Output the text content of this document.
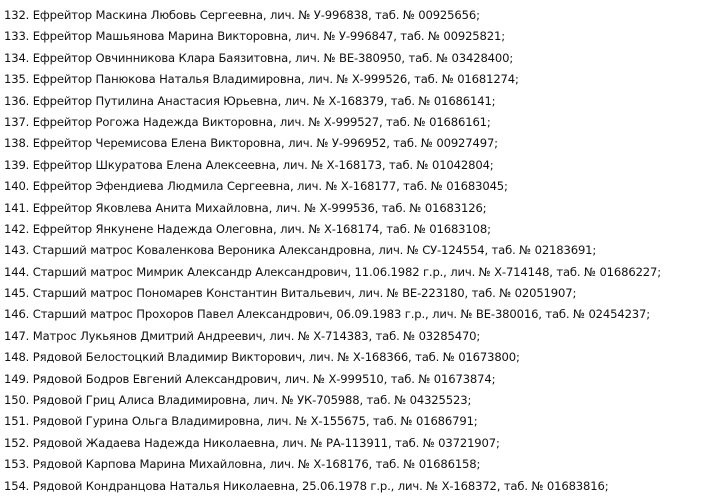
132. Ефрейтор Маскина Любовь Сергеевна, лич. № У-996838, таб. № 00925656;
133. Ефрейтор Машьянова Марина Викторовна, лич. № У-996847, таб. № 00925821;
134. Ефрейтор Овчинникова Клара Баязитовна, лич. № ВЕ-380950, таб. № 03428400;
135. Ефрейтор Панюкова Наталья Владимировна, лич. № Х-999526, таб. № 01681274;
136. Ефрейтор Путилина Анастасия Юрьевна, лич. № Х-168379, таб. № 01686141;
137. Ефрейтор Рогожа Надежда Викторовна, лич. № Х-999527, таб. № 01686161;
138. Ефрейтор Черемисова Елена Викторовна, лич. № У-996952, таб. № 00927497;
139. Ефрейтор Шкуратова Елена Алексеевна, лич. № Х-168173, таб. № 01042804;
140. Ефрейтор Эфендиева Людмила Сергеевна, лич. № Х-168177, таб. № 01683045;
141. Ефрейтор Яковлева Анита Михайловна, лич. № Х-999536, таб. № 01683126;
142. Ефрейтор Янкунене Надежда Олеговна, лич. № Х-168174, таб. № 01683108;
143. Старший матрос Коваленкова Вероника Александровна, лич. № СУ-124554, таб. № 02183691;
144. Старший матрос Мимрик Александр Александрович, 11.06.1982 г.р., лич. № Х-714148, таб. № 01686227;
145. Старший матрос Пономарев Константин Витальевич, лич. № ВЕ-223180, таб. № 02051907;
146. Старший матрос Прохоров Павел Александрович, 06.09.1983 г.р., лич. № ВЕ-380016, таб. № 02454237;
147. Матрос Лукьянов Дмитрий Андреевич, лич. № Х-714383, таб. № 03285470;
148. Рядовой Белостоцкий Владимир Викторович, лич. № Х-168366, таб. № 01673800;
149. Рядовой Бодров Евгений Александрович, лич. № Х-999510, таб. № 01673874;
150. Рядовой Гриц Алиса Владимировна, лич. № УК-705988, таб. № 04325523;
151. Рядовой Гурина Ольга Владимировна, лич. № Х-155675, таб. № 01686791;
152. Рядовой Жадаева Надежда Николаевна, лич. № РА-113911, таб. № 03721907;
153. Рядовой Карпова Марина Михайловна, лич. № Х-168176, таб. № 01686158;
154. Рядовой Кондранцова Наталья Николаевна, 25.06.1978 г.р., лич. № Х-168372, таб. № 01683816;
